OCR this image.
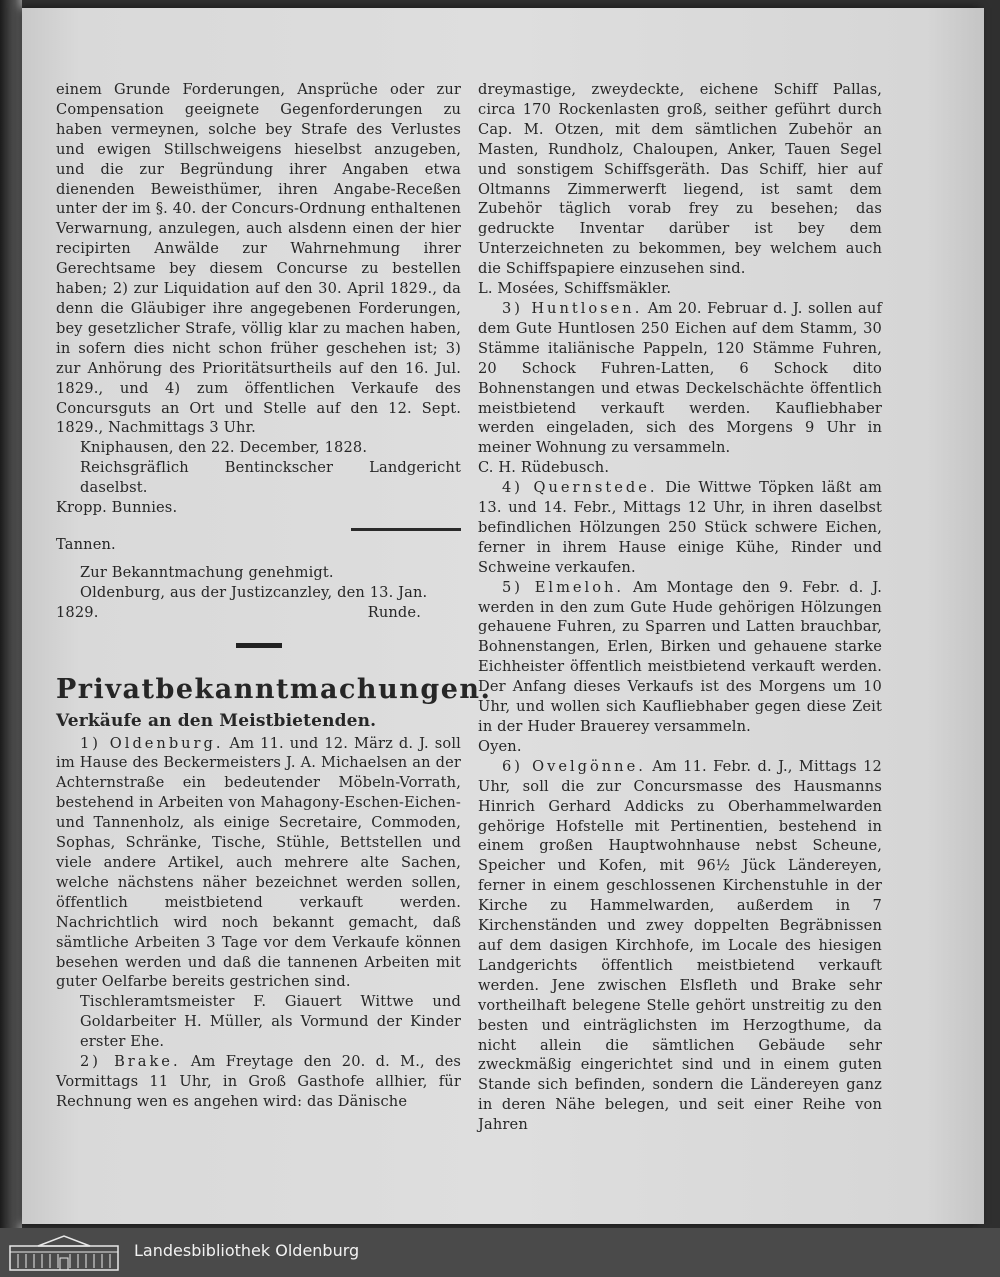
einem Grunde Forderungen, Ansprüche oder zur Compensation geeignete Gegenforderungen zu haben vermeynen, solche bey Strafe des Verlustes und ewigen Stillschweigens hieselbst anzugeben, und die zur Begründung ihrer Angaben etwa dienenden Beweisthümer, ihren Angabe-Receßen unter der im §. 40. der Concurs-Ordnung enthaltenen Verwarnung, anzulegen, auch alsdenn einen der hier recipirten Anwälde zur Wahrnehmung ihrer Gerechtsame bey diesem Concurse zu bestellen haben; 2) zur Liquidation auf den 30. April 1829., da denn die Gläubiger ihre angegebenen Forderungen, bey gesetzlicher Strafe, völlig klar zu machen haben, in sofern dies nicht schon früher geschehen ist; 3) zur Anhörung des Prioritätsurtheils auf den 16. Jul. 1829., und 4) zum öffentlichen Verkaufe des Concursguts an Ort und Stelle auf den 12. Sept. 1829., Nachmittags 3 Uhr.

Kniphausen, den 22. December, 1828.

Reichsgräflich Bentinckscher Landgericht daselbst.

Kropp. Bunnies.

Tannen.

Zur Bekanntmachung genehmigt.

Oldenburg, aus der Justizcanzley, den 13. Jan.

1829.	Runde.

Privatbekanntmachungen.

Verkäufe an den Meistbietenden.

1) Oldenburg. Am 11. und 12. März d. J. soll im Hause des Beckermeisters J. A. Michaelsen an der Achternstraße ein bedeutender Möbeln-Vorrath, bestehend in Arbeiten von Mahagony-Eschen-Eichen- und Tannenholz, als einige Secretaire, Commoden, Sophas, Schränke, Tische, Stühle, Bettstellen und viele andere Artikel, auch mehrere alte Sachen, welche nächstens näher bezeichnet werden sollen, öffentlich meistbietend verkauft werden. Nachrichtlich wird noch bekannt gemacht, daß sämtliche Arbeiten 3 Tage vor dem Verkaufe können besehen werden und daß die tannenen Arbeiten mit guter Oelfarbe bereits gestrichen sind.

Tischleramtsmeister F. Giauert Wittwe und Goldarbeiter H. Müller, als Vormund der Kinder erster Ehe.

2) Brake. Am Freytage den 20. d. M., des Vormittags 11 Uhr, in Groß Gasthofe allhier, für Rechnung wen es angehen wird: das Dänische

dreymastige, zweydeckte, eichene Schiff Pallas, circa 170 Rockenlasten groß, seither geführt durch Cap. M. Otzen, mit dem sämtlichen Zubehör an Masten, Rundholz, Chaloupen, Anker, Tauen Segel und sonstigem Schiffsgeräth. Das Schiff, hier auf Oltmanns Zimmerwerft liegend, ist samt dem Zubehör täglich vorab frey zu besehen; das gedruckte Inventar darüber ist bey dem Unterzeichneten zu bekommen, bey welchem auch die Schiffspapiere einzusehen sind.

L. Mosées, Schiffsmäkler.

3) Huntlosen. Am 20. Februar d. J. sollen auf dem Gute Huntlosen 250 Eichen auf dem Stamm, 30 Stämme italiänische Pappeln, 120 Stämme Fuhren, 20 Schock Fuhren-Latten, 6 Schock dito Bohnenstangen und etwas Deckelschächte öffentlich meistbietend verkauft werden. Kaufliebhaber werden eingeladen, sich des Morgens 9 Uhr in meiner Wohnung zu versammeln.

C. H. Rüdebusch.

4) Quernstede. Die Wittwe Töpken läßt am 13. und 14. Febr., Mittags 12 Uhr, in ihren daselbst befindlichen Hölzungen 250 Stück schwere Eichen, ferner in ihrem Hause einige Kühe, Rinder und Schweine verkaufen.

5) Elmeloh. Am Montage den 9. Febr. d. J. werden in den zum Gute Hude gehörigen Hölzungen gehauene Fuhren, zu Sparren und Latten brauchbar, Bohnenstangen, Erlen, Birken und gehauene starke Eichheister öffentlich meistbietend verkauft werden. Der Anfang dieses Verkaufs ist des Morgens um 10 Uhr, und wollen sich Kaufliebhaber gegen diese Zeit in der Huder Brauerey versammeln.

Oyen.

6) Ovelgönne. Am 11. Febr. d. J., Mittags 12 Uhr, soll die zur Concursmasse des Hausmanns Hinrich Gerhard Addicks zu Oberhammelwarden gehörige Hofstelle mit Pertinentien, bestehend in einem großen Hauptwohnhause nebst Scheune, Speicher und Kofen, mit 96½ Jück Ländereyen, ferner in einem geschlossenen Kirchenstuhle in der Kirche zu Hammelwarden, außerdem in 7 Kirchenständen und zwey doppelten Begräbnissen auf dem dasigen Kirchhofe, im Locale des hiesigen Landgerichts öffentlich meistbietend verkauft werden. Jene zwischen Elsfleth und Brake sehr vortheilhaft belegene Stelle gehört unstreitig zu den besten und einträglichsten im Herzogthume, da nicht allein die sämtlichen Gebäude sehr zweckmäßig eingerichtet sind und in einem guten Stande sich befinden, sondern die Ländereyen ganz in deren Nähe belegen, und seit einer Reihe von Jahren

Landesbibliothek Oldenburg
